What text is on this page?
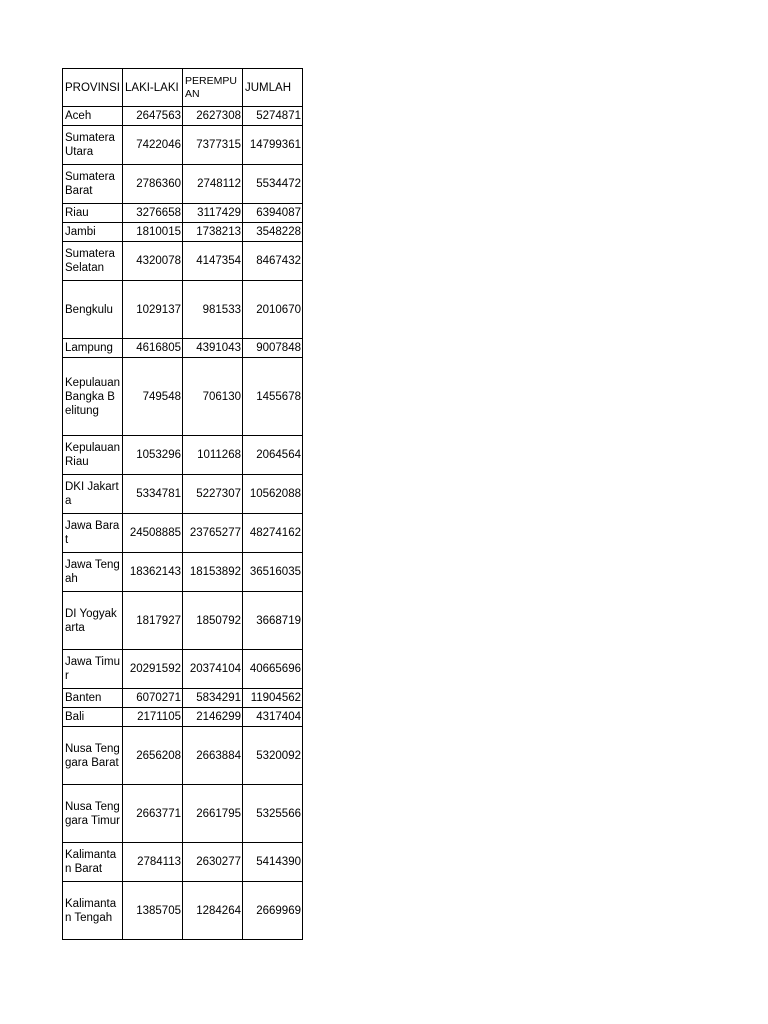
PROVINSI	LAKI-LAKI	PEREMPUAN	JUMLAH

Aceh	2647563	2627308	5274871

Sumatera Utara	7422046	7377315	14799361

Sumatera Barat	2786360	2748112	5534472

Riau	3276658	3117429	6394087

Jambi	1810015	1738213	3548228

Sumatera Selatan	4320078	4147354	8467432

Bengkulu	1029137	981533	2010670

Lampung	4616805	4391043	9007848

Kepulauan Bangka Belitung	749548	706130	1455678

Kepulauan Riau	1053296	1011268	2064564

DKI Jakarta	5334781	5227307	10562088

Jawa Barat	24508885	23765277	48274162

Jawa Tengah	18362143	18153892	36516035

DI Yogyakarta	1817927	1850792	3668719

Jawa Timur	20291592	20374104	40665696

Banten	6070271	5834291	11904562

Bali	2171105	2146299	4317404

Nusa Tenggara Barat	2656208	2663884	5320092

Nusa Tenggara Timur	2663771	2661795	5325566

Kalimantan Barat	2784113	2630277	5414390

Kalimantan Tengah	1385705	1284264	2669969
